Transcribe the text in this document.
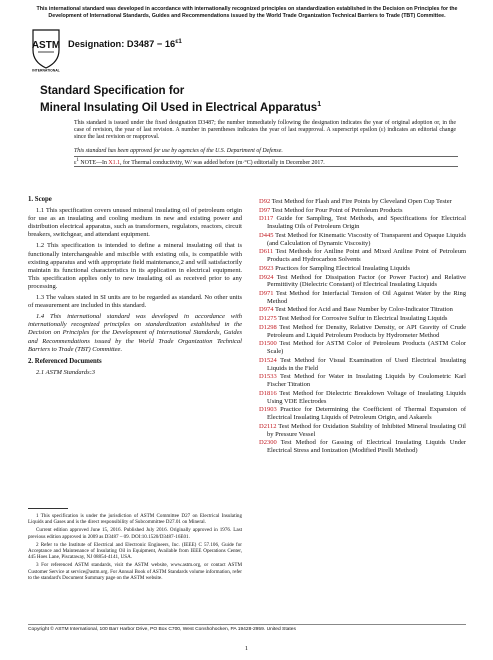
This international standard was developed in accordance with internationally recognized principles on standardization established in the Decision on Principles for the Development of International Standards, Guides and Recommendations issued by the World Trade Organization Technical Barriers to Trade (TBT) Committee.
ASTM
INTERNATIONAL
Designation: $D3487 - 16^{\varepsilon 1}$
Standard Specification for
Mineral Insulating Oil Used in Electrical Apparatus$^1$
This standard is issued under the fixed designation D3487; the number immediately following the designation indicates the year of original adoption or, in the case of revision, the year of last revision. A number in parentheses indicates the year of last reapproval. A superscript epsilon (ε) indicates an editorial change since the last revision or reapproval.
This standard has been approved for use by agencies of the U.S. Department of Defense.
$\varepsilon^1$ NOTE—In X1.1, for Thermal conductivity, W/ was added before (m·°C) editorially in December 2017.
1. Scope

1.1 This specification covers unused mineral insulating oil of petroleum origin for use as an insulating and cooling medium in new and existing power and distribution electrical apparatus, such as transformers, regulators, reactors, circuit breakers, switchgear, and attendant equipment.

1.2 This specification is intended to define a mineral insulating oil that is functionally interchangeable and miscible with existing oils, is compatible with existing apparatus and with appropriate field maintenance,2 and will satisfactorily maintain its functional characteristics in its application in electrical equipment. This specification applies only to new insulating oil as received prior to any processing.

1.3 The values stated in SI units are to be regarded as standard. No other units of measurement are included in this standard.

1.4 This international standard was developed in accordance with internationally recognized principles on standardization established in the Decision on Principles for the Development of International Standards, Guides and Recommendations issued by the World Trade Organization Technical Barriers to Trade (TBT) Committee.

2. Referenced Documents

2.1 ASTM Standards:3

1 This specification is under the jurisdiction of ASTM Committee D27 on Electrical Insulating Liquids and Gases and is the direct responsibility of Subcommittee D27.01 on Mineral.

Current edition approved June 15, 2016. Published July 2016. Originally approved in 1976. Last previous edition approved in 2009 as D3487 – 09. DOI:10.1520/D3487-16E01.

2 Refer to the Institute of Electrical and Electronic Engineers, Inc. (IEEE) C 57.106, Guide for Acceptance and Maintenance of Insulating Oil in Equipment, Available from IEEE Operations Center, 445 Hoes Lane, Piscataway, NJ 08854-4141, USA.

3 For referenced ASTM standards, visit the ASTM website, www.astm.org, or contact ASTM Customer Service at service@astm.org. For Annual Book of ASTM Standards volume information, refer to the standard's Document Summary page on the ASTM website.

D92 Test Method for Flash and Fire Points by Cleveland Open Cup Tester
D97 Test Method for Pour Point of Petroleum Products
D117 Guide for Sampling, Test Methods, and Specifications for Electrical Insulating Oils of Petroleum Origin
D445 Test Method for Kinematic Viscosity of Transparent and Opaque Liquids (and Calculation of Dynamic Viscosity)
D611 Test Methods for Aniline Point and Mixed Aniline Point of Petroleum Products and Hydrocarbon Solvents
D923 Practices for Sampling Electrical Insulating Liquids
D924 Test Method for Dissipation Factor (or Power Factor) and Relative Permittivity (Dielectric Constant) of Electrical Insulating Liquids
D971 Test Method for Interfacial Tension of Oil Against Water by the Ring Method
D974 Test Method for Acid and Base Number by Color-Indicator Titration
D1275 Test Method for Corrosive Sulfur in Electrical Insulating Liquids
D1298 Test Method for Density, Relative Density, or API Gravity of Crude Petroleum and Liquid Petroleum Products by Hydrometer Method
D1500 Test Method for ASTM Color of Petroleum Products (ASTM Color Scale)
D1524 Test Method for Visual Examination of Used Electrical Insulating Liquids in the Field
D1533 Test Method for Water in Insulating Liquids by Coulometric Karl Fischer Titration
D1816 Test Method for Dielectric Breakdown Voltage of Insulating Liquids Using VDE Electrodes
D1903 Practice for Determining the Coefficient of Thermal Expansion of Electrical Insulating Liquids of Petroleum Origin, and Askarels
D2112 Test Method for Oxidation Stability of Inhibited Mineral Insulating Oil by Pressure Vessel
D2300 Test Method for Gassing of Electrical Insulating Liquids Under Electrical Stress and Ionization (Modified Pirelli Method)
Copyright © ASTM International, 100 Barr Harbor Drive, PO Box C700, West Conshohocken, PA 19428-2959. United States
1
